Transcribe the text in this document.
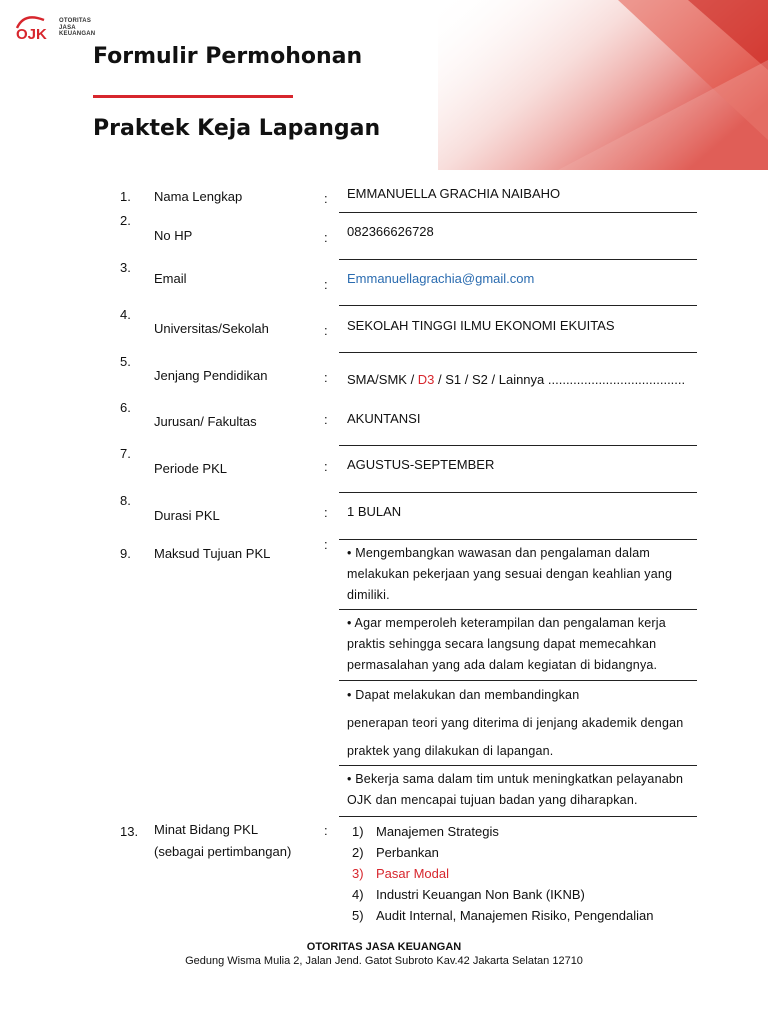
OJK
OTORITAS
JASA
KEUANGAN
Formulir Permohonan
Praktek Keja Lapangan
1. Nama Lengkap	: EMMANUELLA GRACHIA NAIBAHO
2.
No HP	: 082366626728
3.
Email	: Emmanuellagrachia@gmail.com
4.
Universitas/Sekolah	: SEKOLAH TINGGI ILMU EKONOMI EKUITAS
5.
Jenjang Pendidikan	: SMA/SMK / D3 / S1 / S2 / Lainnya ......................................
6.
Jurusan/ Fakultas	: AKUNTANSI
7.
Periode PKL	: AGUSTUS-SEPTEMBER
8.
Durasi PKL	: 1 BULAN
9. Maksud Tujuan PKL
:
• Mengembangkan wawasan dan pengalaman dalam melakukan pekerjaan yang sesuai dengan keahlian yang dimiliki.
• Agar memperoleh keterampilan dan pengalaman kerja praktis sehingga secara langsung dapat memecahkan permasalahan yang ada dalam kegiatan di bidangnya.
• Dapat melakukan dan membandingkan
penerapan teori yang diterima di jenjang akademik dengan
praktek yang dilakukan di lapangan.
• Bekerja sama dalam tim untuk meningkatkan pelayanabn OJK dan mencapai tujuan badan yang diharapkan.
13. Minat Bidang PKL
(sebagai pertimbangan)
: 1) Manajemen Strategis
2) Perbankan
3) Pasar Modal
4) Industri Keuangan Non Bank (IKNB)
5) Audit Internal, Manajemen Risiko, Pengendalian
OTORITAS JASA KEUANGAN
Gedung Wisma Mulia 2, Jalan Jend. Gatot Subroto Kav.42 Jakarta Selatan 12710
